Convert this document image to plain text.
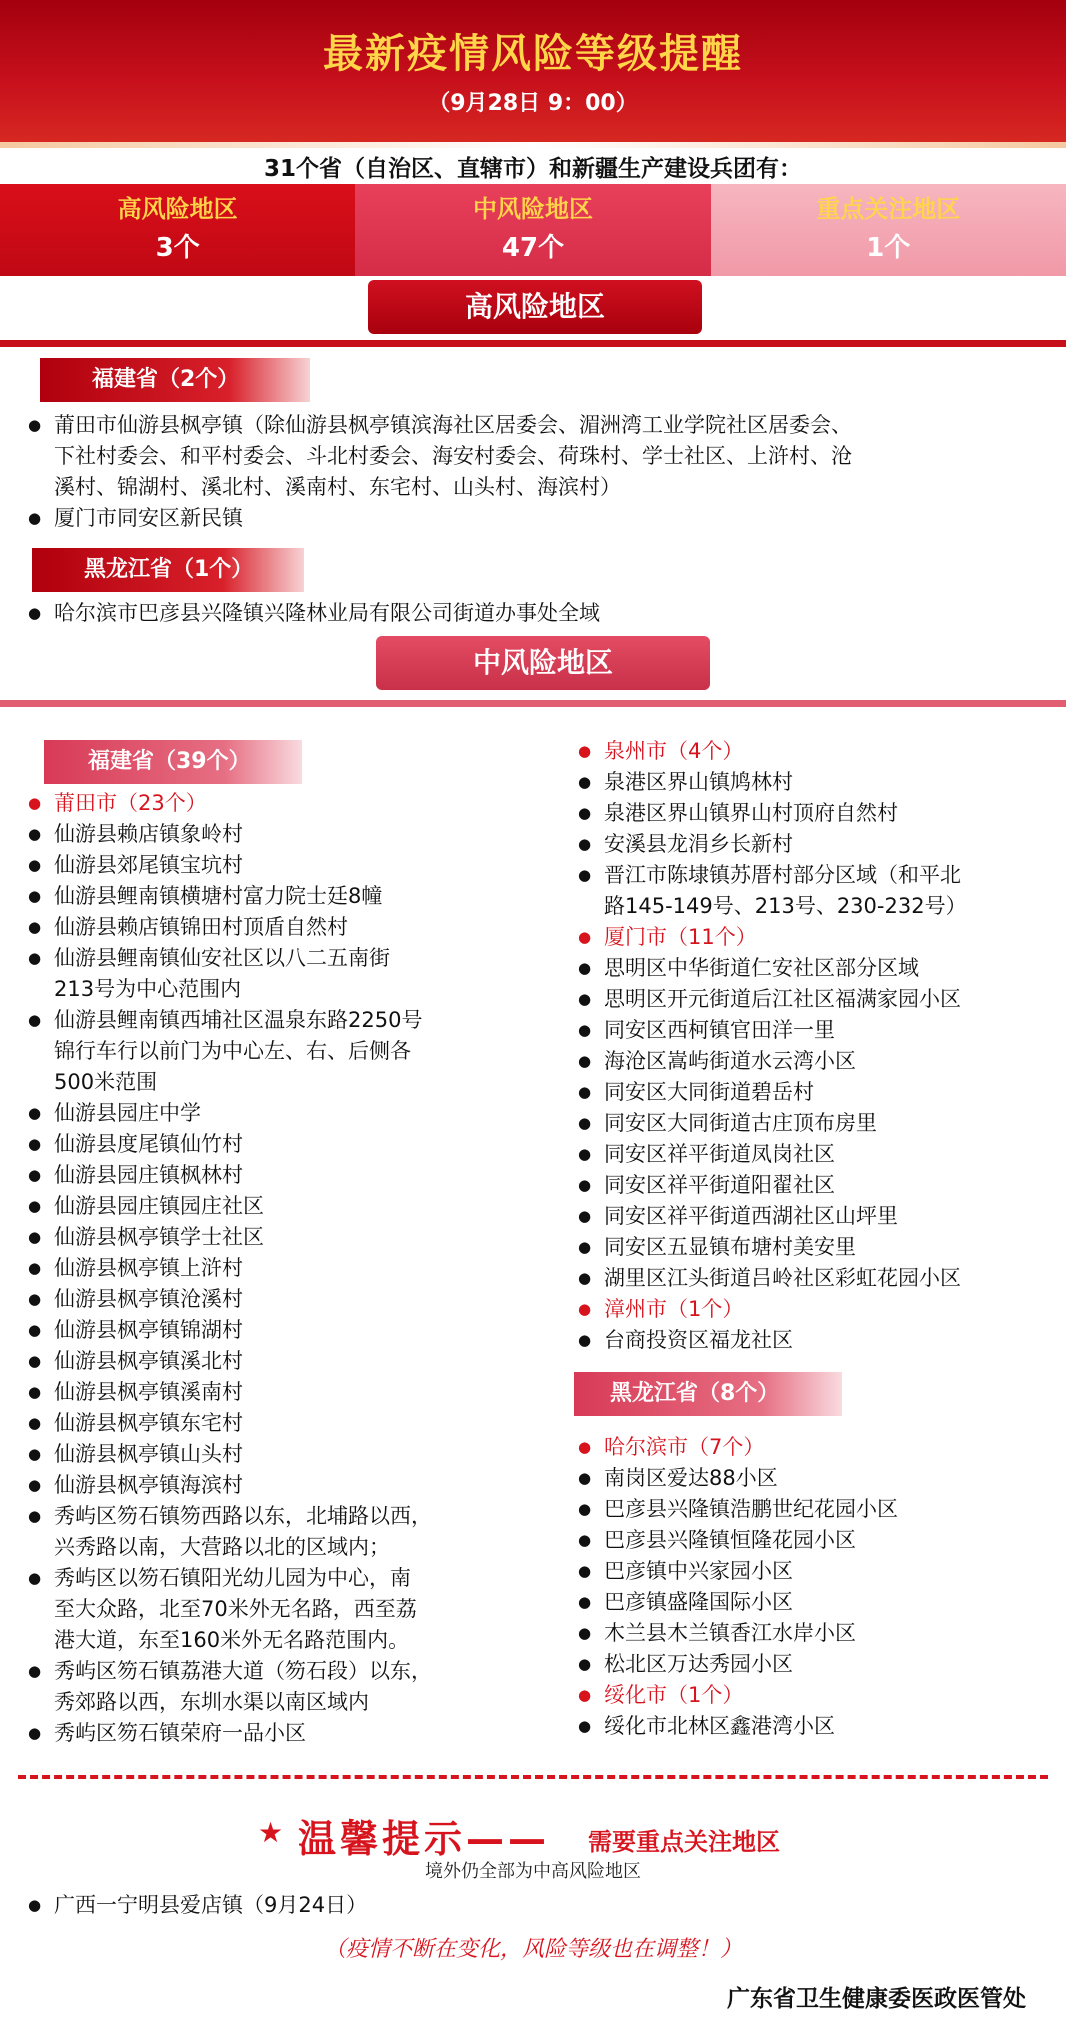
最新疫情风险等级提醒
（9月28日 9：00）
31个省（自治区、直辖市）和新疆生产建设兵团有：
高风险地区
3个
中风险地区
47个
重点关注地区
1个
高风险地区
福建省（2个）
● 莆田市仙游县枫亭镇（除仙游县枫亭镇滨海社区居委会、湄洲湾工业学院社区居委会、
下社村委会、和平村委会、斗北村委会、海安村委会、荷珠村、学士社区、上浒村、沧
溪村、锦湖村、溪北村、溪南村、东宅村、山头村、海滨村）
● 厦门市同安区新民镇
黑龙江省（1个）
● 哈尔滨市巴彦县兴隆镇兴隆林业局有限公司街道办事处全域
中风险地区
福建省（39个）
● 莆田市（23个）
● 仙游县赖店镇象岭村
● 仙游县郊尾镇宝坑村
● 仙游县鲤南镇横塘村富力院士廷8幢
● 仙游县赖店镇锦田村顶盾自然村
● 仙游县鲤南镇仙安社区以八二五南街
213号为中心范围内
● 仙游县鲤南镇西埔社区温泉东路2250号
锦行车行以前门为中心左、右、后侧各
500米范围
● 仙游县园庄中学
● 仙游县度尾镇仙竹村
● 仙游县园庄镇枫林村
● 仙游县园庄镇园庄社区
● 仙游县枫亭镇学士社区
● 仙游县枫亭镇上浒村
● 仙游县枫亭镇沧溪村
● 仙游县枫亭镇锦湖村
● 仙游县枫亭镇溪北村
● 仙游县枫亭镇溪南村
● 仙游县枫亭镇东宅村
● 仙游县枫亭镇山头村
● 仙游县枫亭镇海滨村
● 秀屿区笏石镇笏西路以东，北埔路以西，
兴秀路以南，大营路以北的区域内；
● 秀屿区以笏石镇阳光幼儿园为中心，南
至大众路，北至70米外无名路，西至荔
港大道，东至160米外无名路范围内。
● 秀屿区笏石镇荔港大道（笏石段）以东，
秀郊路以西，东圳水渠以南区域内
● 秀屿区笏石镇荣府一品小区
● 泉州市（4个）
● 泉港区界山镇鸠林村
● 泉港区界山镇界山村顶府自然村
● 安溪县龙涓乡长新村
● 晋江市陈埭镇苏厝村部分区域（和平北
路145-149号、213号、230-232号）
● 厦门市（11个）
● 思明区中华街道仁安社区部分区域
● 思明区开元街道后江社区福满家园小区
● 同安区西柯镇官田洋一里
● 海沧区嵩屿街道水云湾小区
● 同安区大同街道碧岳村
● 同安区大同街道古庄顶布房里
● 同安区祥平街道凤岗社区
● 同安区祥平街道阳翟社区
● 同安区祥平街道西湖社区山坪里
● 同安区五显镇布塘村美安里
● 湖里区江头街道吕岭社区彩虹花园小区
● 漳州市（1个）
● 台商投资区福龙社区
黑龙江省（8个）
● 哈尔滨市（7个）
● 南岗区爱达88小区
● 巴彦县兴隆镇浩鹏世纪花园小区
● 巴彦县兴隆镇恒隆花园小区
● 巴彦镇中兴家园小区
● 巴彦镇盛隆国际小区
● 木兰县木兰镇香江水岸小区
● 松北区万达秀园小区
● 绥化市（1个）
● 绥化市北林区鑫港湾小区
★ 温馨提示—— 需要重点关注地区
境外仍全部为中高风险地区
● 广西一宁明县爱店镇（9月24日）
（疫情不断在变化，风险等级也在调整！）
广东省卫生健康委医政医管处
